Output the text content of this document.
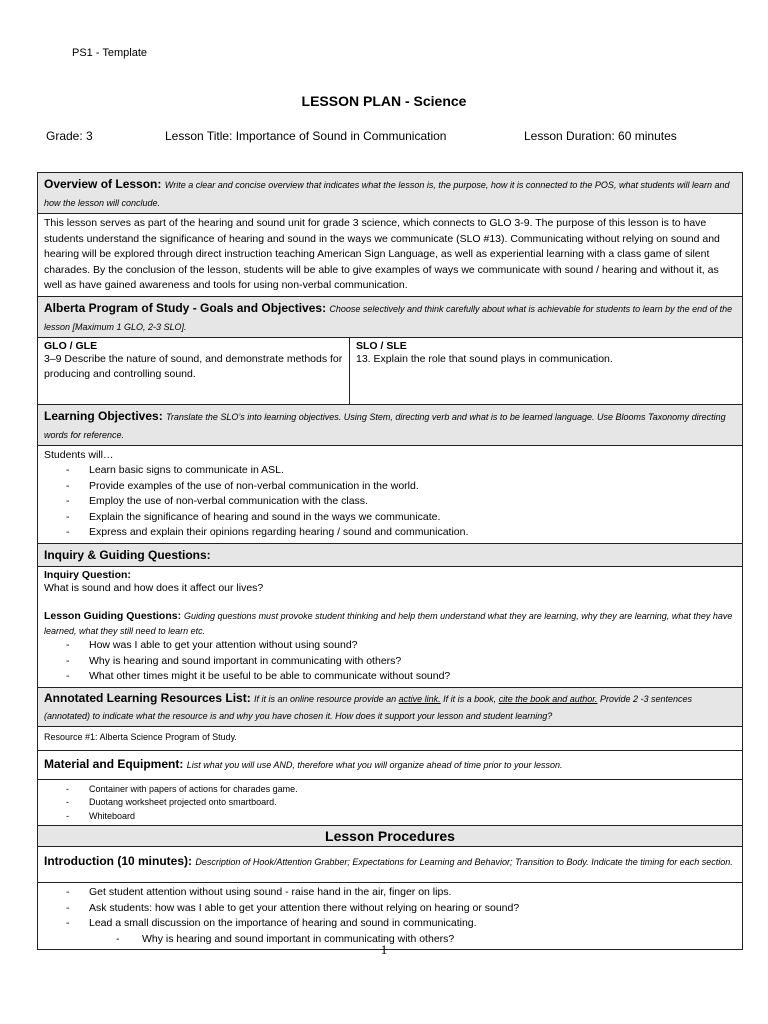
PS1 - Template
LESSON PLAN - Science
Grade: 3	Lesson Title: Importance of Sound in Communication	Lesson Duration: 60 minutes
Overview of Lesson: Write a clear and concise overview that indicates what the lesson is, the purpose, how it is connected to the POS, what students will learn and how the lesson will conclude.
This lesson serves as part of the hearing and sound unit for grade 3 science, which connects to GLO 3-9. The purpose of this lesson is to have students understand the significance of hearing and sound in the ways we communicate (SLO #13). Communicating without relying on sound and hearing will be explored through direct instruction teaching American Sign Language, as well as experiential learning with a class game of silent charades. By the conclusion of the lesson, students will be able to give examples of ways we communicate with sound / hearing and without it, as well as have gained awareness and tools for using non-verbal communication.
Alberta Program of Study - Goals and Objectives: Choose selectively and think carefully about what is achievable for students to learn by the end of the lesson [Maximum 1 GLO, 2-3 SLO].

GLO / GLE
3–9 Describe the nature of sound, and demonstrate methods for producing and controlling sound.

SLO / SLE
13. Explain the role that sound plays in communication.

Learning Objectives: Translate the SLO’s into learning objectives. Using Stem, directing verb and what is to be learned language. Use Blooms Taxonomy directing words for reference.

Students will…
- Learn basic signs to communicate in ASL.
- Provide examples of the use of non-verbal communication in the world.
- Employ the use of non-verbal communication with the class.
- Explain the significance of hearing and sound in the ways we communicate.
- Express and explain their opinions regarding hearing / sound and communication.

Inquiry & Guiding Questions:

Inquiry Question:
What is sound and how does it affect our lives?
Lesson Guiding Questions: Guiding questions must provoke student thinking and help them understand what they are learning, why they are learning, what they have learned, what they still need to learn etc.
- How was I able to get your attention without using sound?
- Why is hearing and sound important in communicating with others?
- What other times might it be useful to be able to communicate without sound?

Annotated Learning Resources List: If it is an online resource provide an active link. If it is a book, cite the book and author. Provide 2 -3 sentences (annotated) to indicate what the resource is and why you have chosen it. How does it support your lesson and student learning?
Resource #1: Alberta Science Program of Study.
Material and Equipment: List what you will use AND, therefore what you will organize ahead of time prior to your lesson.

- Container with papers of actions for charades game.
- Duotang worksheet projected onto smartboard.
- Whiteboard

Lesson Procedures
Introduction (10 minutes): Description of Hook/Attention Grabber; Expectations for Learning and Behavior; Transition to Body. Indicate the timing for each section.

- Get student attention without using sound - raise hand in the air, finger on lips.
- Ask students: how was I able to get your attention there without relying on hearing or sound?
- Lead a small discussion on the importance of hearing and sound in communicating.
- Why is hearing and sound important in communicating with others?
1
